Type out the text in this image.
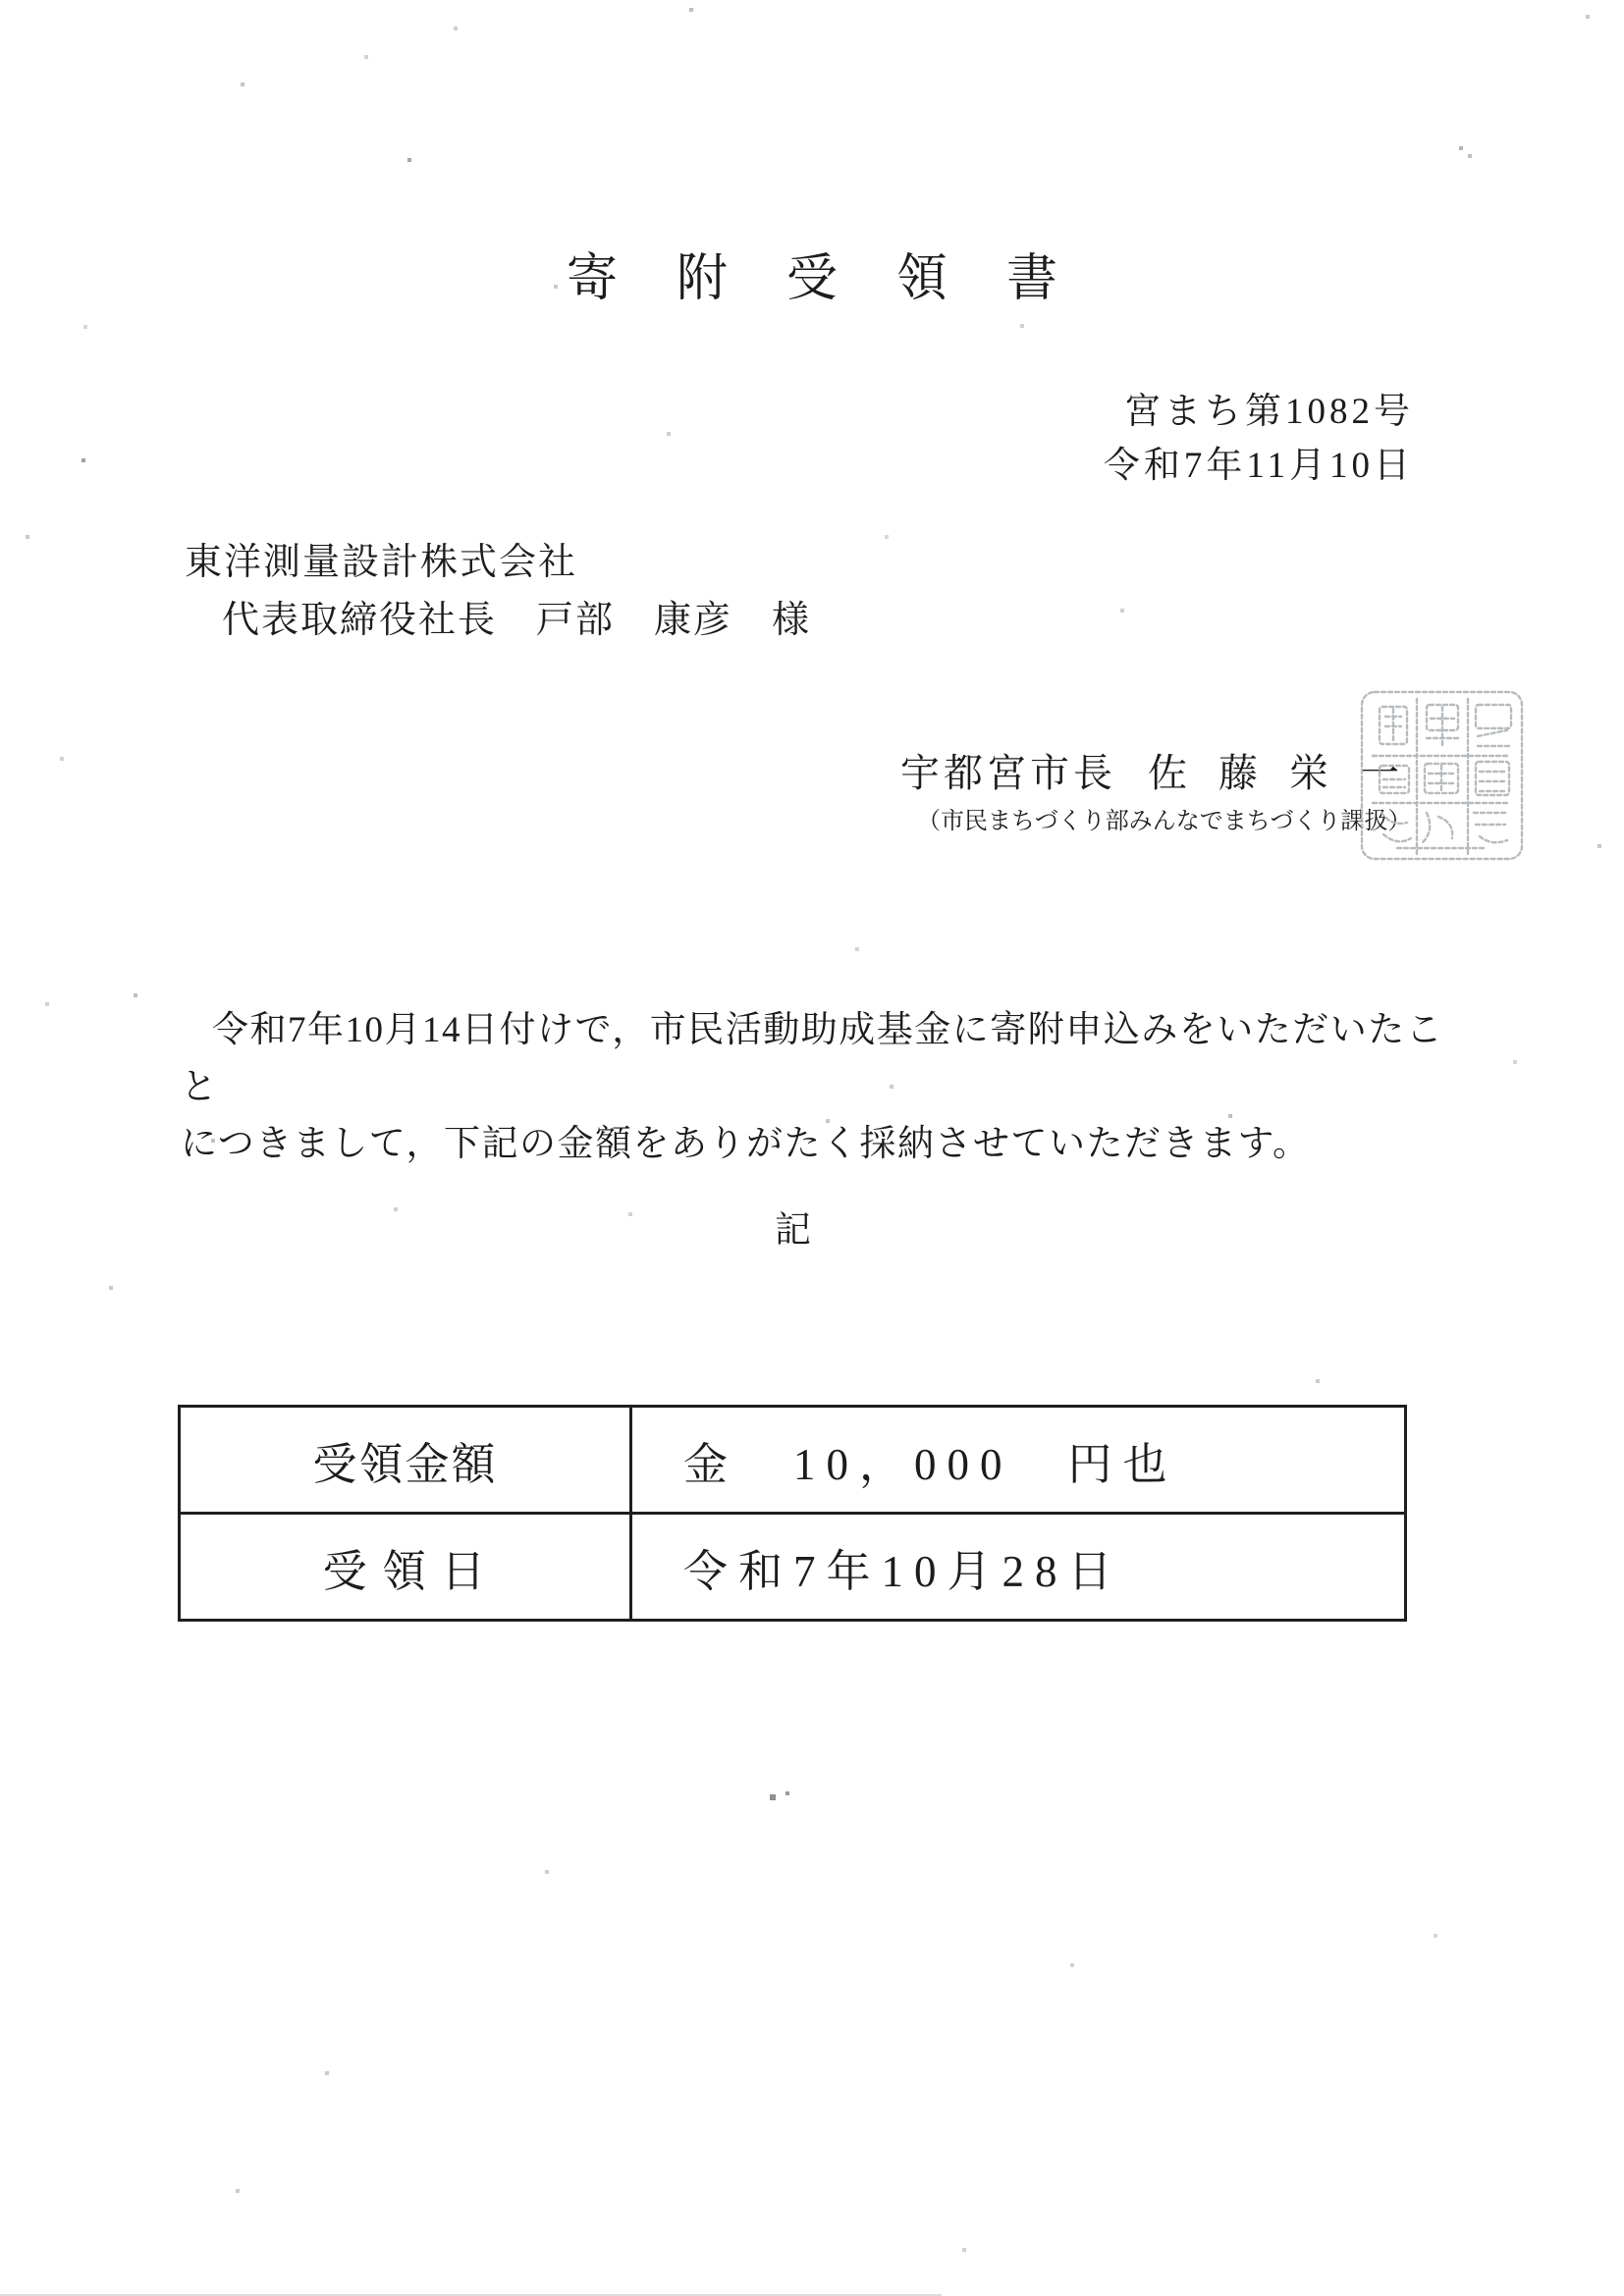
寄附受領書
宮まち第1082号
令和7年11月10日
東洋測量設計株式会社
代表取締役社長　戸部　康彦　様
宇都宮市長 佐藤栄一
（市民まちづくり部みんなでまちづくり課扱）
令和7年10月14日付けで，市民活動助成基金に寄附申込みをいただいたこと
につきまして，下記の金額をありがたく採納させていただきます。
記
受領金額	金　10，000　円也
受 領 日	令和7年10月28日
